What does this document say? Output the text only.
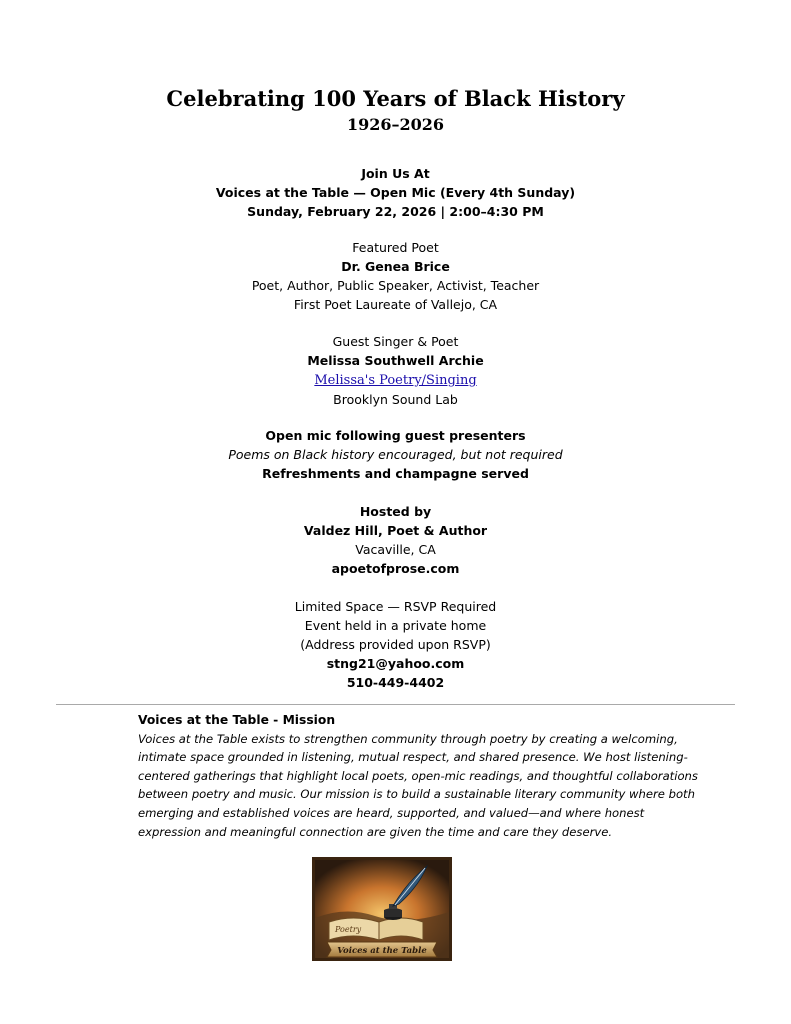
Celebrating 100 Years of Black History
1926–2026
Join Us At
Voices at the Table — Open Mic (Every 4th Sunday)
Sunday, February 22, 2026 | 2:00–4:30 PM
Featured Poet
Dr. Genea Brice
Poet, Author, Public Speaker, Activist, Teacher
First Poet Laureate of Vallejo, CA
Guest Singer & Poet
Melissa Southwell Archie
Melissa's Poetry/Singing
Brooklyn Sound Lab
Open mic following guest presenters
Poems on Black history encouraged, but not required
Refreshments and champagne served
Hosted by
Valdez Hill, Poet & Author
Vacaville, CA
apoetofprose.com
Limited Space — RSVP Required
Event held in a private home
(Address provided upon RSVP)
stng21@yahoo.com
510-449-4402
Voices at the Table - Mission
Voices at the Table exists to strengthen community through poetry by creating a welcoming, intimate space grounded in listening, mutual respect, and shared presence. We host listening-centered gatherings that highlight local poets, open-mic readings, and thoughtful collaborations between poetry and music. Our mission is to build a sustainable literary community where both emerging and established voices are heard, supported, and valued—and where honest expression and meaningful connection are given the time and care they deserve.
Poetry
Voices at the Table
